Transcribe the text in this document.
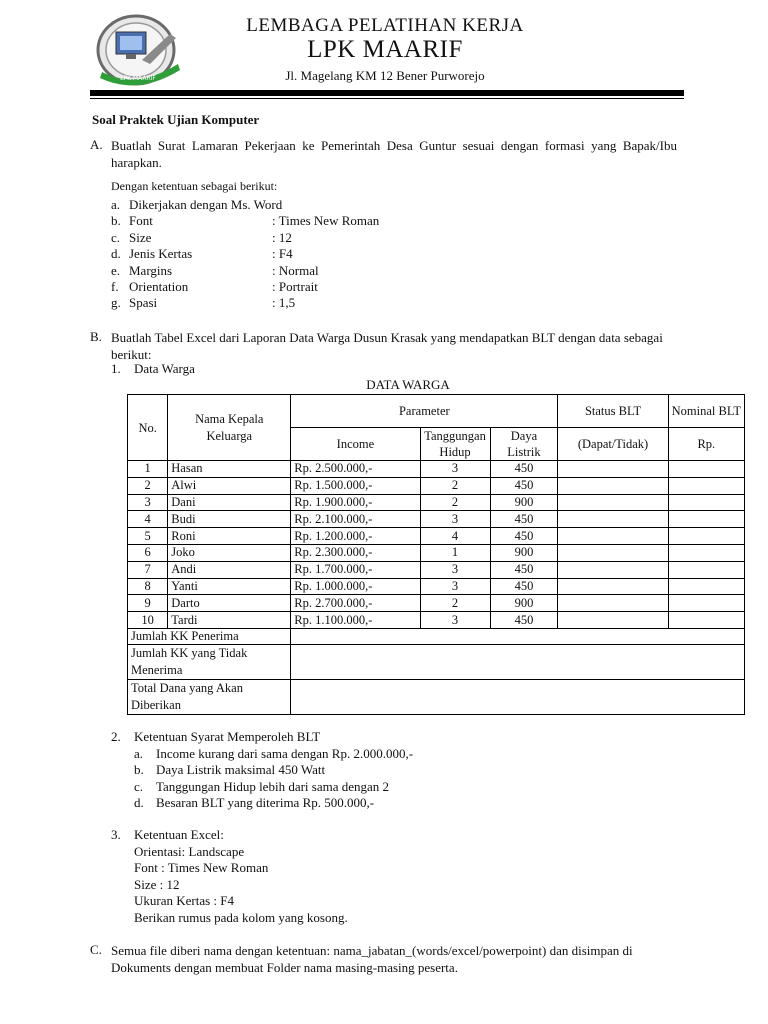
LPK MAARIF
LEMBAGA PELATIHAN KERJA
LPK MAARIF
Jl. Magelang KM 12 Bener Purworejo
Soal Praktek Ujian Komputer
A. Buatlah Surat Lamaran Pekerjaan ke Pemerintah Desa Guntur sesuai dengan formasi yang Bapak/Ibu harapkan.
Dengan ketentuan sebagai berikut:
a. Dikerjakan dengan Ms. Word
b. Font	: Times New Roman
c. Size	: 12
d. Jenis Kertas	: F4
e. Margins	: Normal
f. Orientation	: Portrait
g. Spasi	: 1,5
B. Buatlah Tabel Excel dari Laporan Data Warga Dusun Krasak yang mendapatkan BLT dengan data sebagai berikut:
1. Data Warga
DATA WARGA
No.	Nama Kepala Keluarga	Parameter			Status BLT	Nominal BLT
		Income	Tanggungan Hidup	Daya Listrik	(Dapat/Tidak)	Rp.
1	Hasan	Rp. 2.500.000,-	3	450		
2	Alwi	Rp. 1.500.000,-	2	450		
3	Dani	Rp. 1.900.000,-	2	900		
4	Budi	Rp. 2.100.000,-	3	450		
5	Roni	Rp. 1.200.000,-	4	450		
6	Joko	Rp. 2.300.000,-	1	900		
7	Andi	Rp. 1.700.000,-	3	450		
8	Yanti	Rp. 1.000.000,-	3	450		
9	Darto	Rp. 2.700.000,-	2	900		
10	Tardi	Rp. 1.100.000,-	3	450		
Jumlah KK Penerima						
Jumlah KK yang Tidak Menerima						
Total Dana yang Akan Diberikan						
2. Ketentuan Syarat Memperoleh BLT
a. Income kurang dari sama dengan Rp. 2.000.000,-
b. Daya Listrik maksimal 450 Watt
c. Tanggungan Hidup lebih dari sama dengan 2
d. Besaran BLT yang diterima Rp. 500.000,-
3. Ketentuan Excel:
Orientasi: Landscape
Font : Times New Roman
Size : 12
Ukuran Kertas : F4
Berikan rumus pada kolom yang kosong.
C. Semua file diberi nama dengan ketentuan: nama_jabatan_(words/excel/powerpoint) dan disimpan di Dokuments dengan membuat Folder nama masing-masing peserta.
